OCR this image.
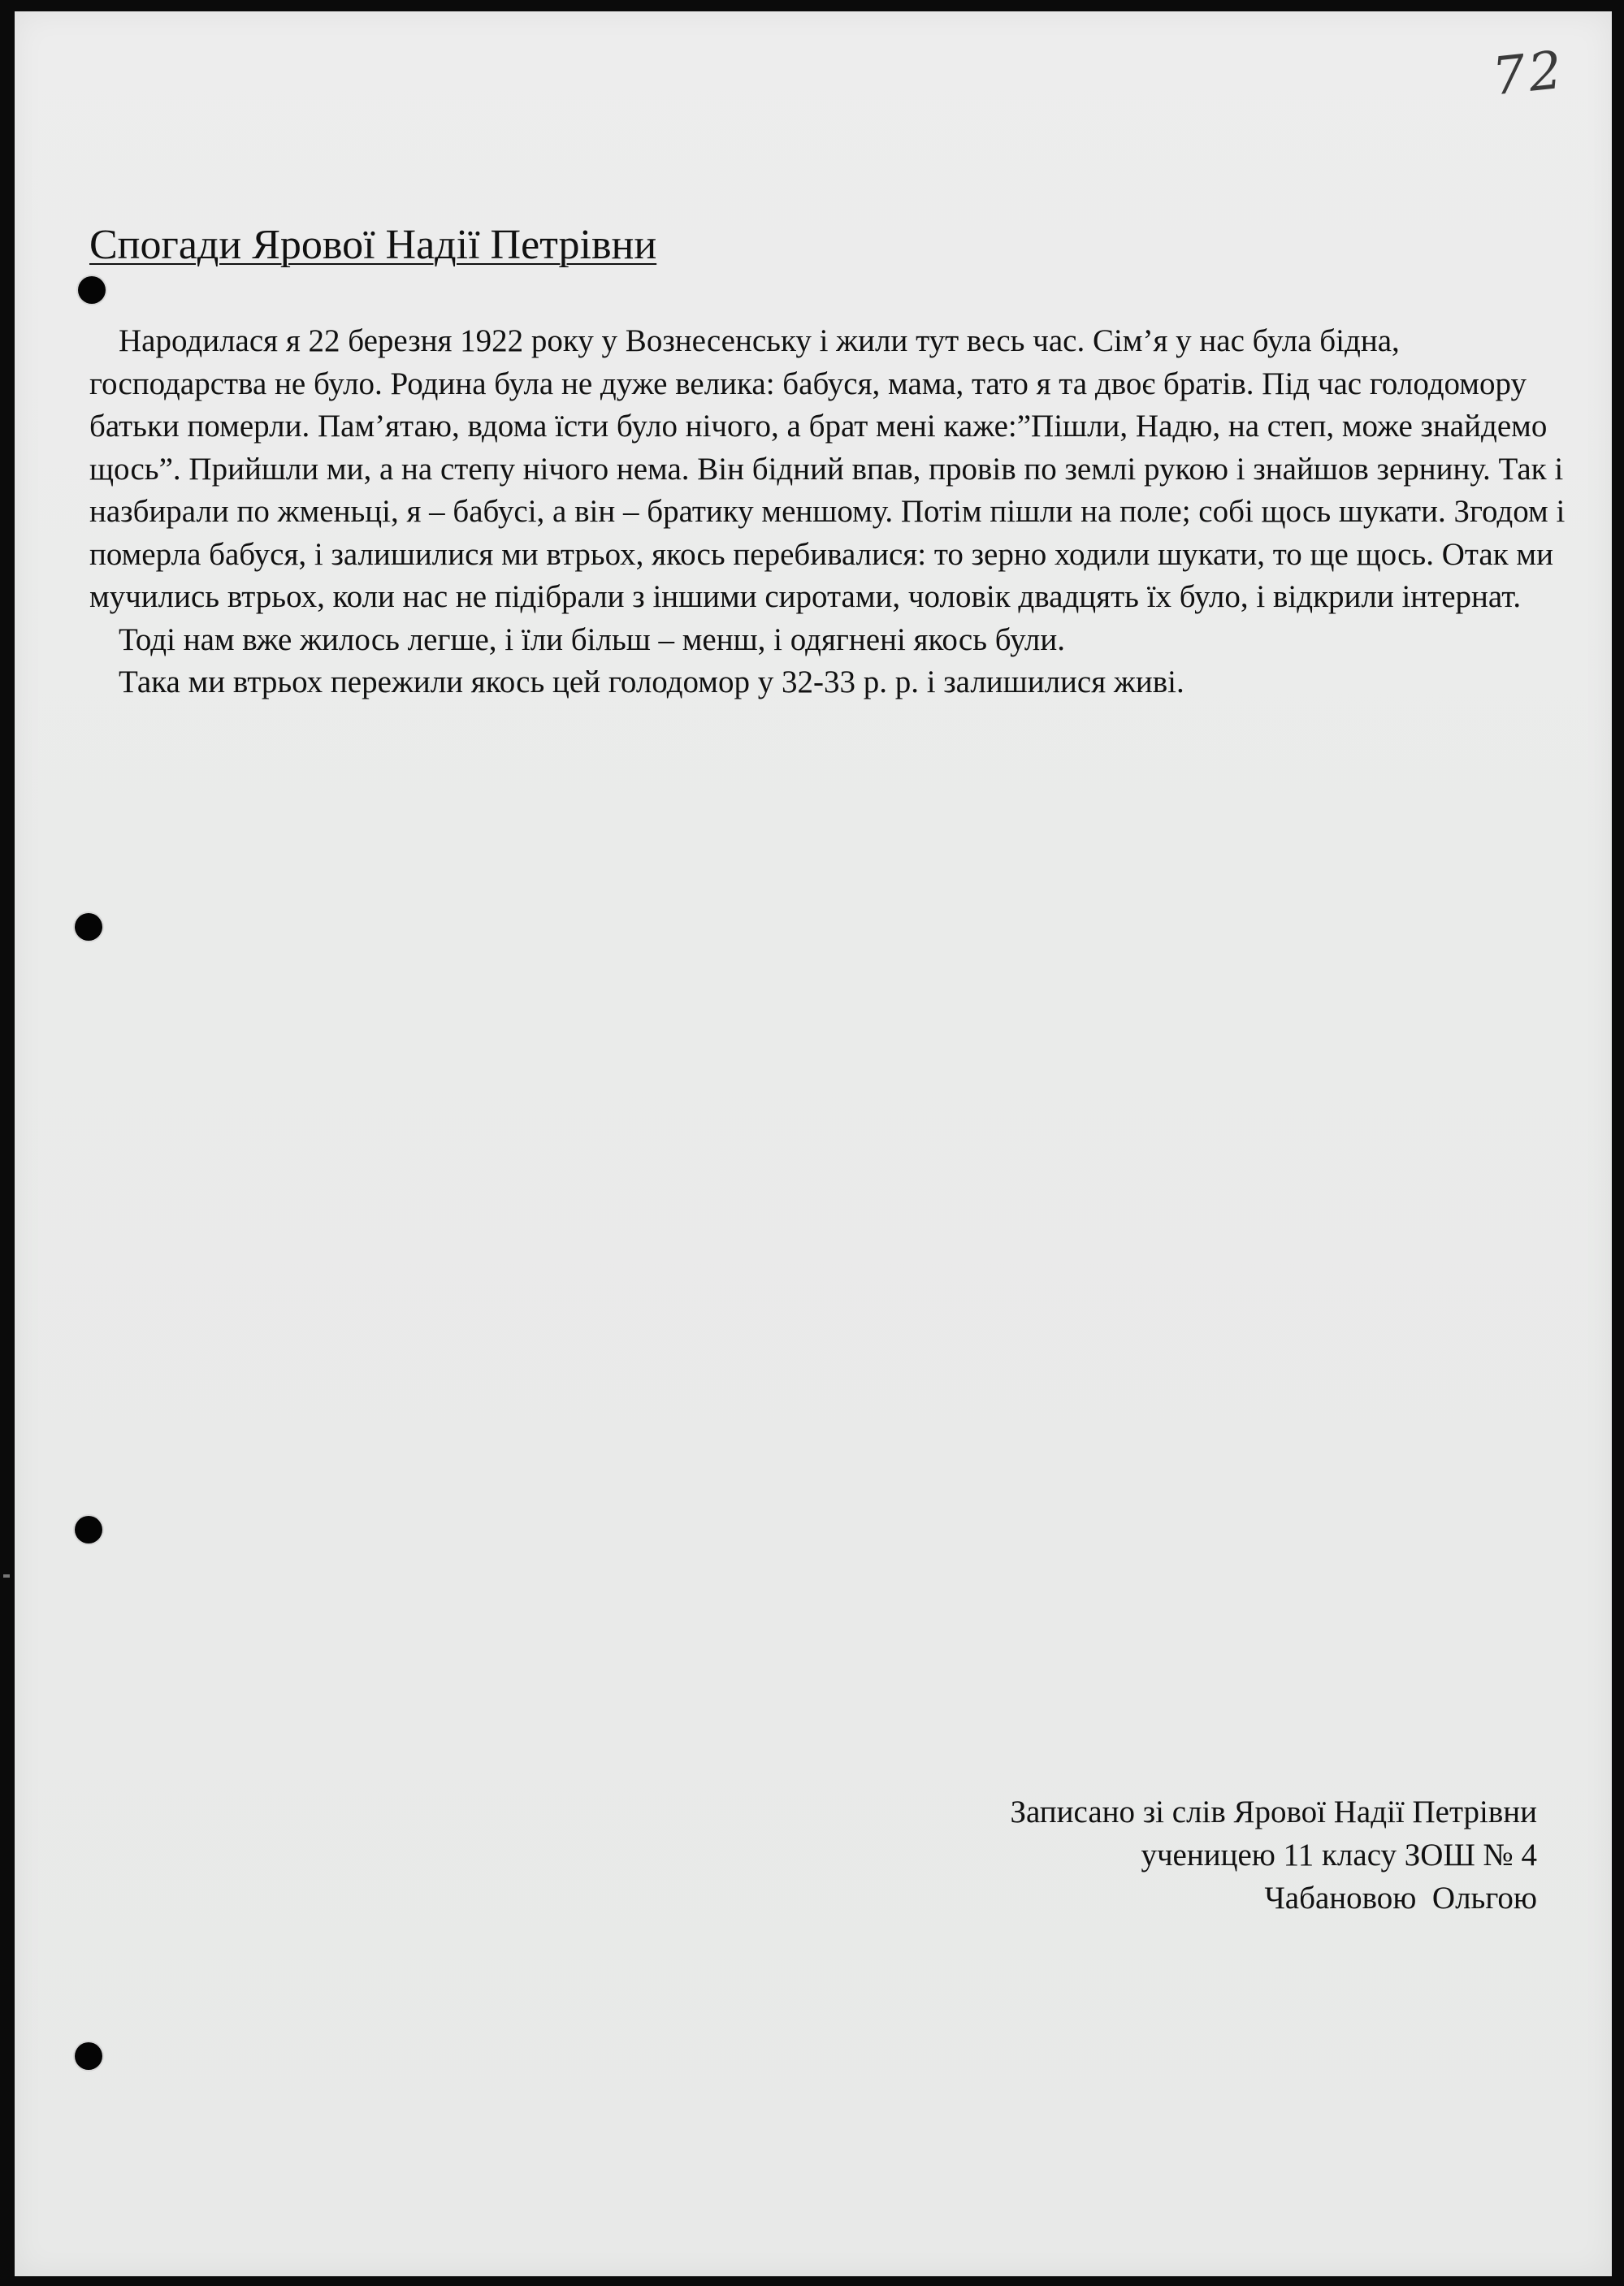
72
Спогади Ярової Надії Петрівни

Народилася я 22 березня 1922 року у Вознесенську і жили тут весь час. Сім’я у нас була бідна, господарства не було. Родина була не дуже велика: бабуся, мама, тато я та двоє братів. Під час голодомору батьки померли. Пам’ятаю, вдома їсти було нічого, а брат мені каже:”Пішли, Надю, на степ, може знайдемо щось”. Прийшли ми, а на степу нічого нема. Він бідний впав, провів по землі рукою і знайшов зернину. Так і назбирали по жменьці, я – бабусі, а він – братику меншому. Потім пішли на поле; собі щось шукати. Згодом і померла бабуся, і залишилися ми втрьох, якось перебивалися: то зерно ходили шукати, то ще щось. Отак ми мучились втрьох, коли нас не підібрали з іншими сиротами, чоловік двадцять їх було, і відкрили інтернат.

Тоді нам вже жилось легше, і їли більш – менш, і одягнені якось були.

Така ми втрьох пережили якось цей голодомор у 32-33 р. р. і залишилися живі.

Записано зі слів Ярової Надії Петрівни
ученицею 11 класу ЗОШ № 4
Чабановою  Ольгою
